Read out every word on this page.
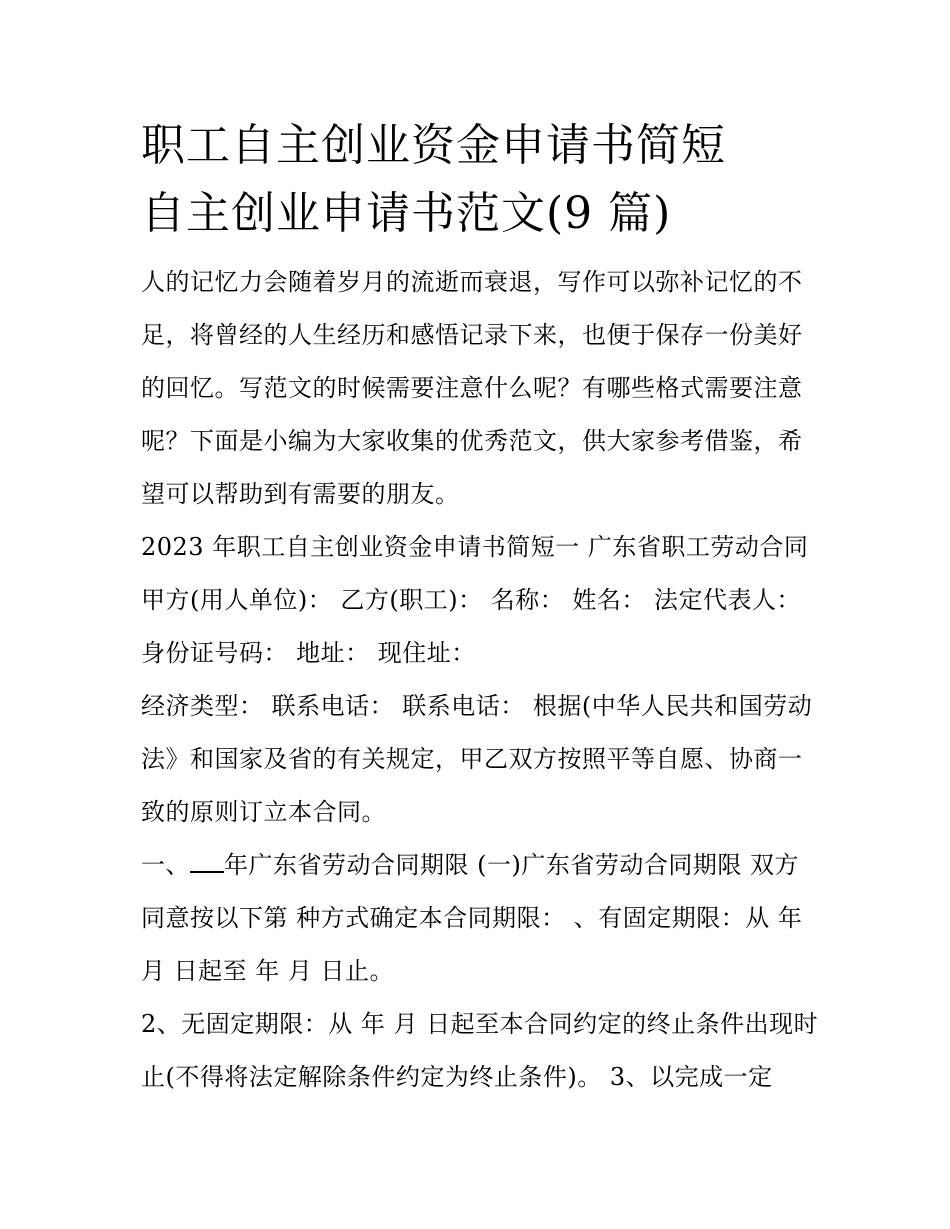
职工自主创业资金申请书简短
自主创业申请书范文(9 篇)

人的记忆力会随着岁月的流逝而衰退，写作可以弥补记忆的不足，将曾经的人生经历和感悟记录下来，也便于保存一份美好的回忆。写范文的时候需要注意什么呢？有哪些格式需要注意呢？下面是小编为大家收集的优秀范文，供大家参考借鉴，希望可以帮助到有需要的朋友。

2023 年职工自主创业资金申请书简短一 广东省职工劳动合同

甲方(用人单位)： 乙方(职工)： 名称： 姓名： 法定代表人：

身份证号码： 地址： 现住址：

经济类型： 联系电话： 联系电话： 根据(中华人民共和国劳动法》和国家及省的有关规定，甲乙双方按照平等自愿、协商一致的原则订立本合同。

一、 年广东省劳动合同期限 (一)广东省劳动合同期限 双方同意按以下第 种方式确定本合同期限： 、有固定期限：从 年月 日起至 年 月 日止。

2、无固定期限：从 年 月 日起至本合同约定的终止条件出现时止(不得将法定解除条件约定为终止条件)。 3、以完成一定
